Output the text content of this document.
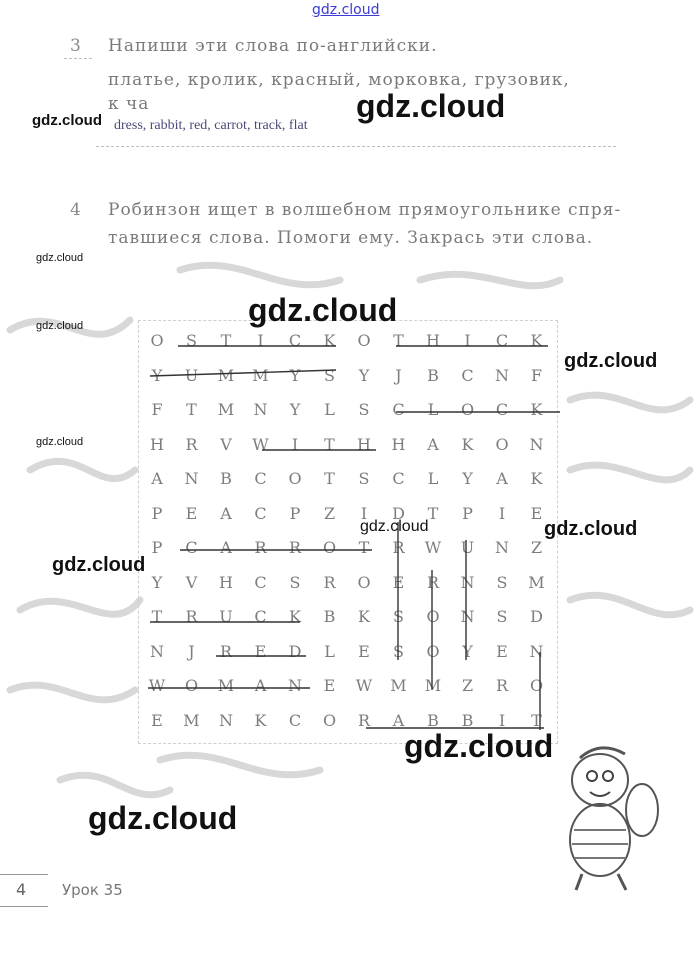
gdz.cloud
3 Напиши эти слова по-английски.
платье, кролик, красный, морковка, грузовик,
к ча
dress, rabbit, red, carrot, track, flat
4 Робинзон ищет в волшебном прямоугольнике спря-
тавшиеся слова. Помоги ему. Закрась эти слова.
O	S	T	I	C	K	O	T	H	I	C	K
Y	U	M	M	Y	S	Y	J	B	C	N	F
F	T	M	N	Y	L	S	C	L	O	C	K
H	R	V	W	I	T	H	H	A	K	O	N
A	N	B	C	O	T	S	C	L	Y	A	K
P	E	A	C	P	Z	I	D	T	P	I	E
P	C	A	R	R	O	T	R	W	U	N	Z
Y	V	H	C	S	R	O	E	R	N	S	M
T	R	U	C	K	B	K	S	O	N	S	D
N	J	R	E	D	L	E	S	O	Y	E	N
W	O	M	A	N	E	W	M	M	Z	R	O
E	M	N	K	C	O	R	A	B	B	I	T
gdz.cloud
gdz.cloud
gdz.cloud
gdz.cloud
gdz.cloud
gdz.cloud
gdz.cloud
gdz.cloud	gdz.cloud
gdz.cloud
gdz.cloud
gdz.cloud
4 Урок 35
